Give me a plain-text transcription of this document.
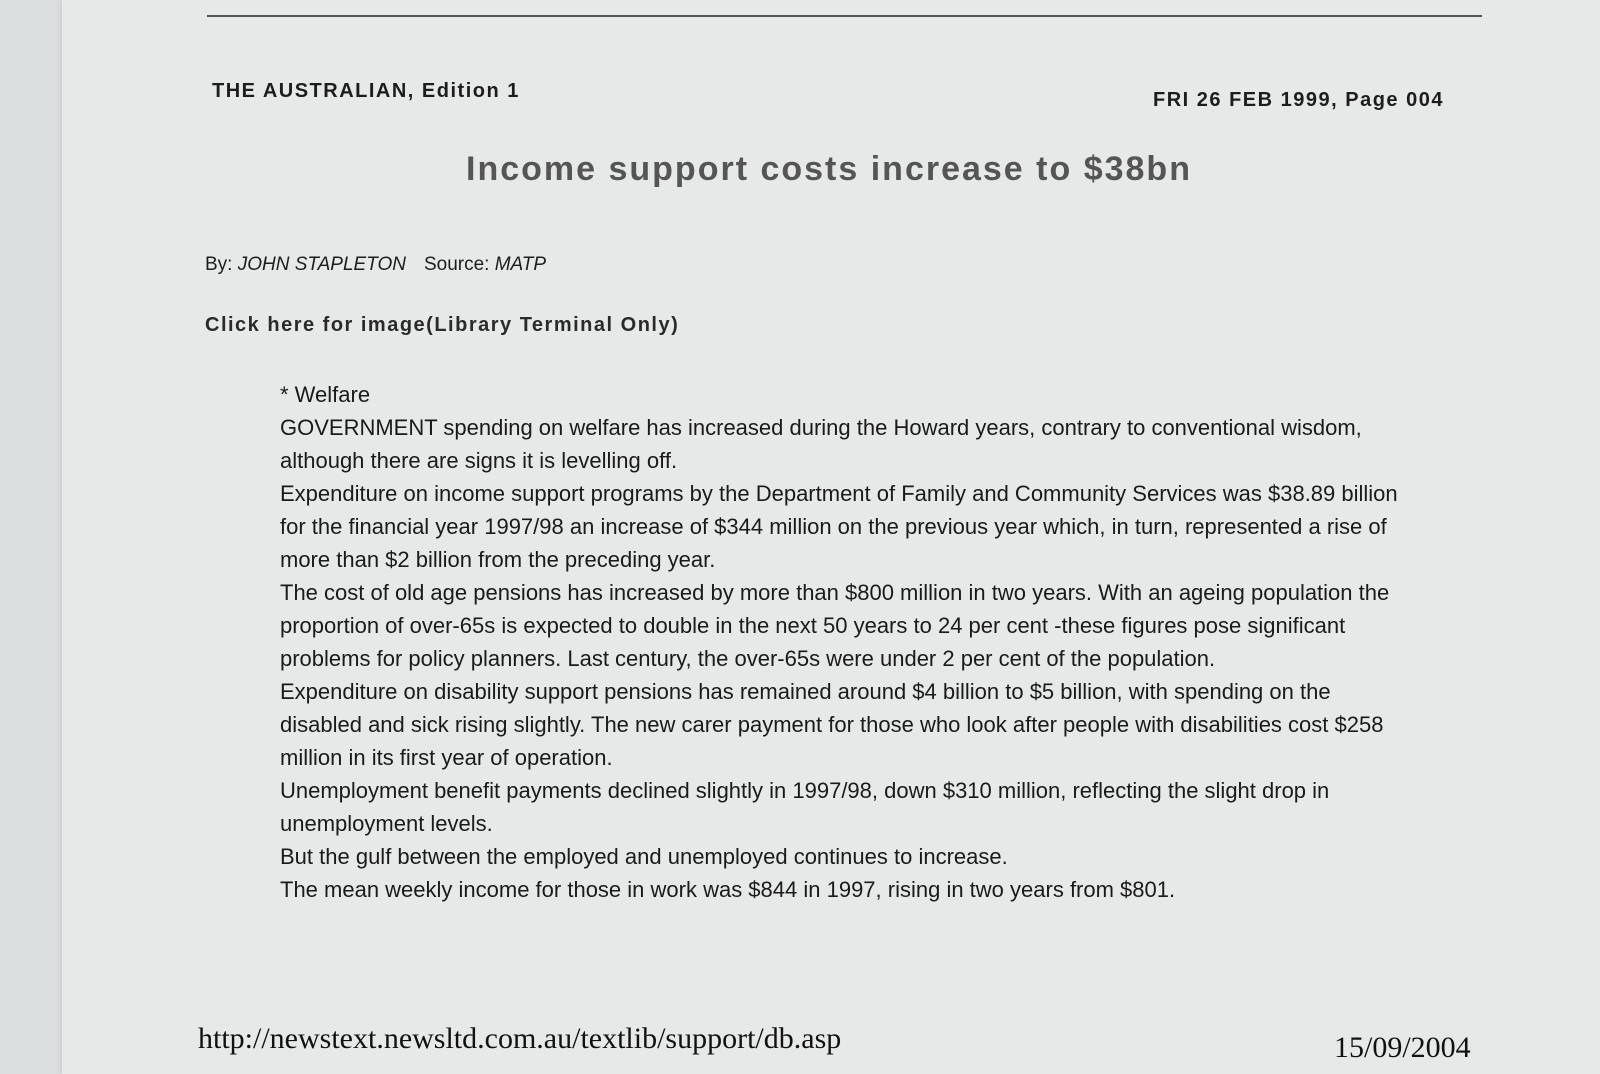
THE AUSTRALIAN, Edition 1	FRI 26 FEB 1999, Page 004
Income support costs increase to $38bn
By: JOHN STAPLETON Source: MATP
Click here for image(Library Terminal Only)

* Welfare

GOVERNMENT spending on welfare has increased during the Howard years, contrary to conventional wisdom, although there are signs it is levelling off.

Expenditure on income support programs by the Department of Family and Community Services was $38.89 billion for the financial year 1997/98 an increase of $344 million on the previous year which, in turn, represented a rise of more than $2 billion from the preceding year.

The cost of old age pensions has increased by more than $800 million in two years. With an ageing population the proportion of over-65s is expected to double in the next 50 years to 24 per cent -these figures pose significant problems for policy planners. Last century, the over-65s were under 2 per cent of the population.

Expenditure on disability support pensions has remained around $4 billion to $5 billion, with spending on the disabled and sick rising slightly. The new carer payment for those who look after people with disabilities cost $258 million in its first year of operation.

Unemployment benefit payments declined slightly in 1997/98, down $310 million, reflecting the slight drop in unemployment levels.

But the gulf between the employed and unemployed continues to increase.

The mean weekly income for those in work was $844 in 1997, rising in two years from $801.

http://newstext.newsltd.com.au/textlib/support/db.asp	15/09/2004
